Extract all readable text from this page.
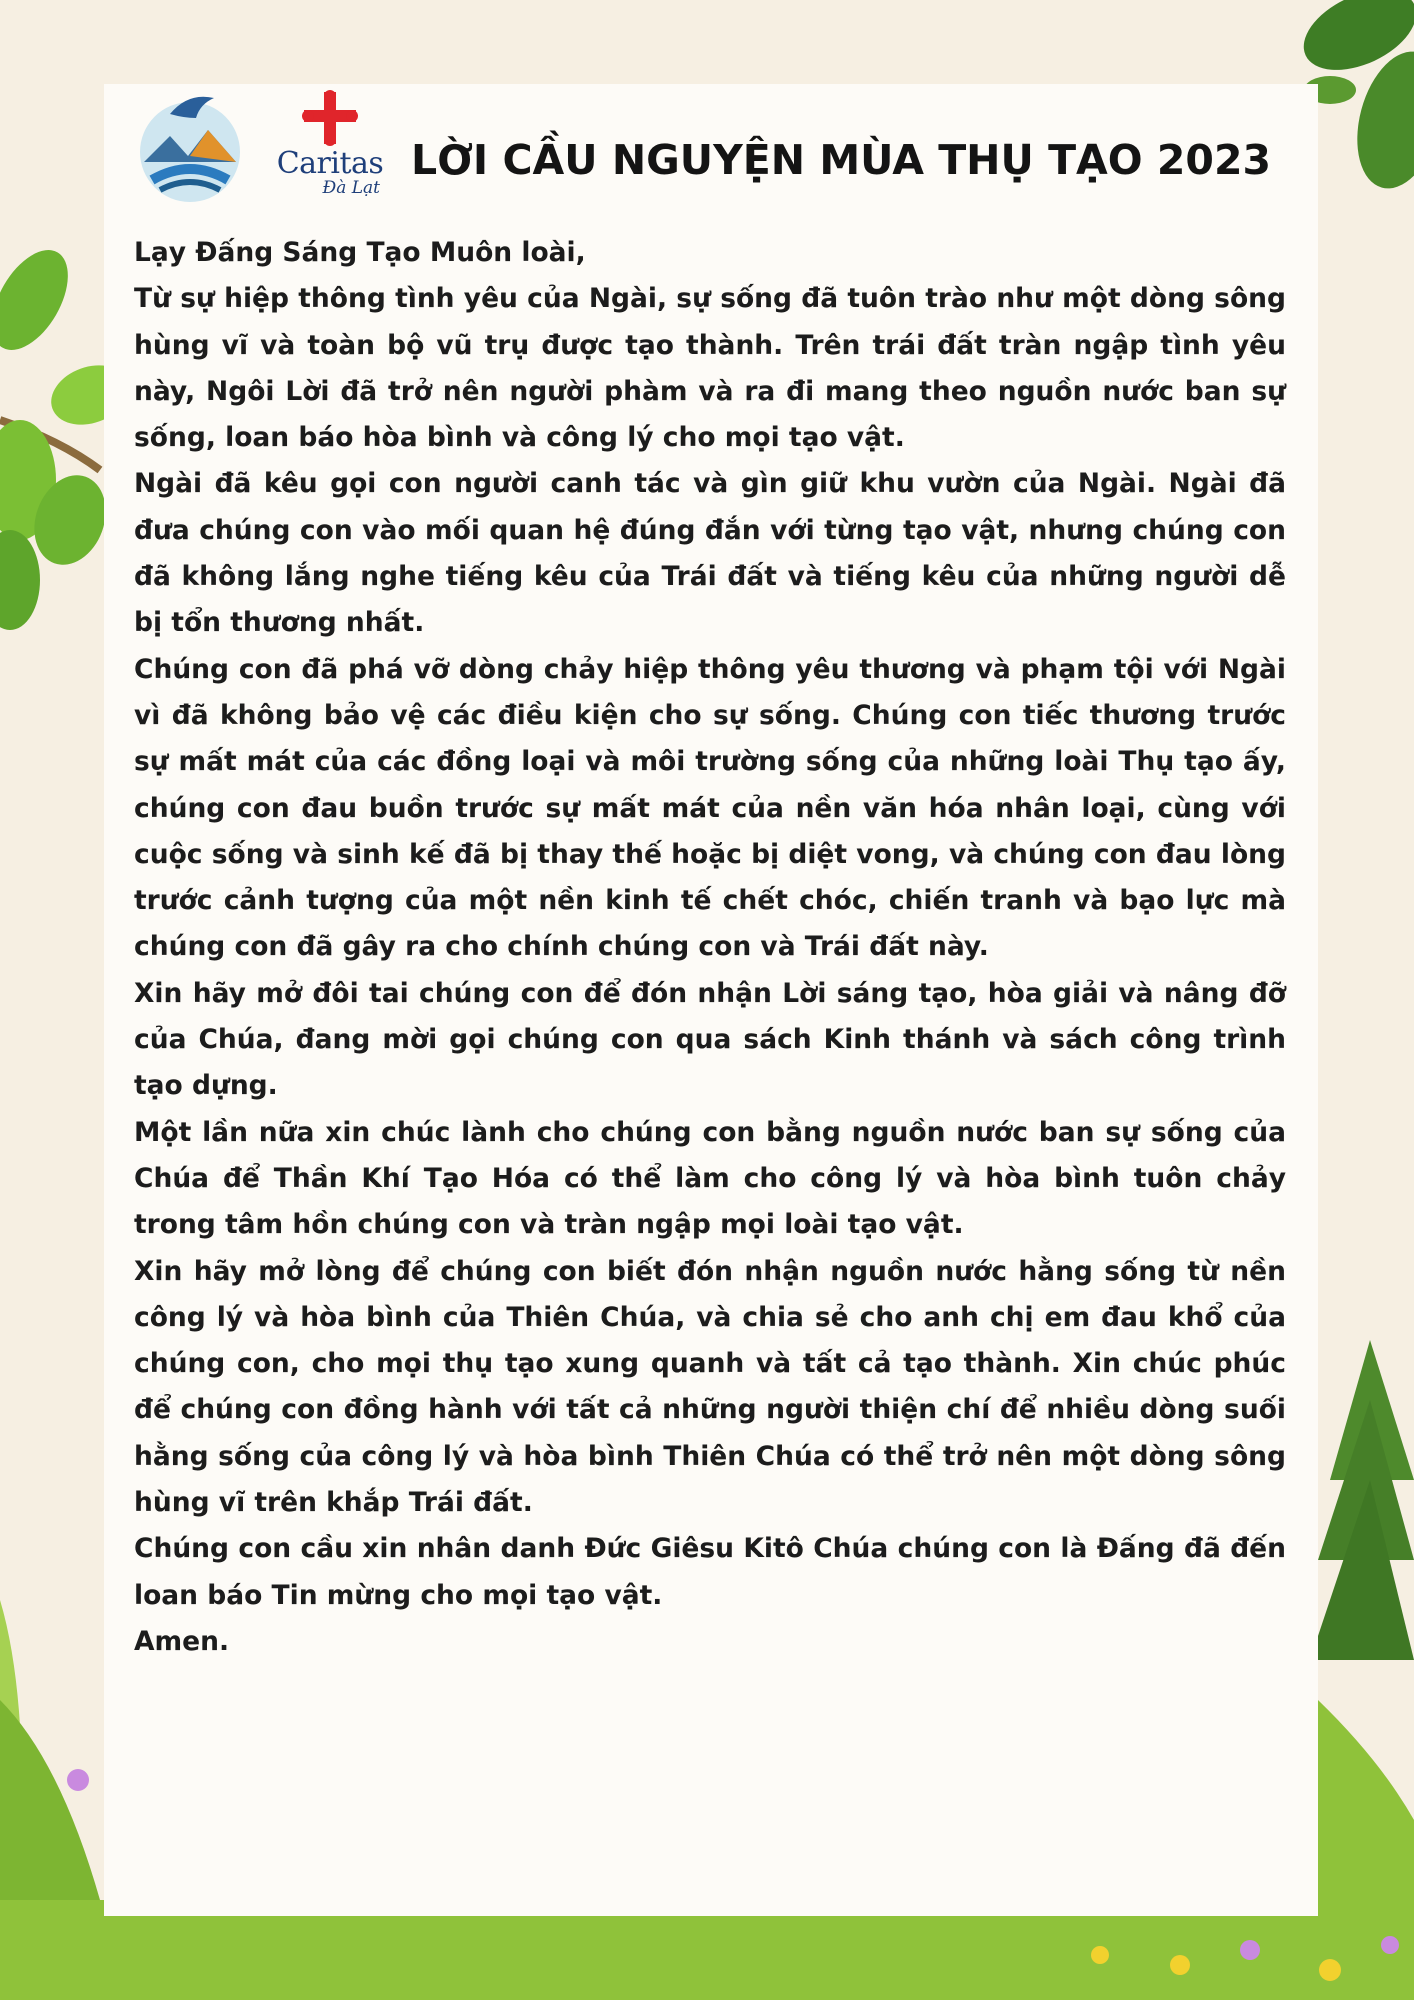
Caritas
Đà Lạt
LỜI CẦU NGUYỆN MÙA THỤ TẠO 2023

Lạy Đấng Sáng Tạo Muôn loài,

Từ sự hiệp thông tình yêu của Ngài, sự sống đã tuôn trào như một dòng sông hùng vĩ và toàn bộ vũ trụ được tạo thành. Trên trái đất tràn ngập tình yêu này, Ngôi Lời đã trở nên người phàm và ra đi mang theo nguồn nước ban sự sống, loan báo hòa bình và công lý cho mọi tạo vật.

Ngài đã kêu gọi con người canh tác và gìn giữ khu vườn của Ngài. Ngài đã đưa chúng con vào mối quan hệ đúng đắn với từng tạo vật, nhưng chúng con đã không lắng nghe tiếng kêu của Trái đất và tiếng kêu của những người dễ bị tổn thương nhất.

Chúng con đã phá vỡ dòng chảy hiệp thông yêu thương và phạm tội với Ngài vì đã không bảo vệ các điều kiện cho sự sống. Chúng con tiếc thương trước sự mất mát của các đồng loại và môi trường sống của những loài Thụ tạo ấy, chúng con đau buồn trước sự mất mát của nền văn hóa nhân loại, cùng với cuộc sống và sinh kế đã bị thay thế hoặc bị diệt vong, và chúng con đau lòng trước cảnh tượng của một nền kinh tế chết chóc, chiến tranh và bạo lực mà chúng con đã gây ra cho chính chúng con và Trái đất này.

Xin hãy mở đôi tai chúng con để đón nhận Lời sáng tạo, hòa giải và nâng đỡ của Chúa, đang mời gọi chúng con qua sách Kinh thánh và sách công trình tạo dựng.

Một lần nữa xin chúc lành cho chúng con bằng nguồn nước ban sự sống của Chúa để Thần Khí Tạo Hóa có thể làm cho công lý và hòa bình tuôn chảy trong tâm hồn chúng con và tràn ngập mọi loài tạo vật.

Xin hãy mở lòng để chúng con biết đón nhận nguồn nước hằng sống từ nền công lý và hòa bình của Thiên Chúa, và chia sẻ cho anh chị em đau khổ của chúng con, cho mọi thụ tạo xung quanh và tất cả tạo thành. Xin chúc phúc để chúng con đồng hành với tất cả những người thiện chí để nhiều dòng suối hằng sống của công lý và hòa bình Thiên Chúa có thể trở nên một dòng sông hùng vĩ trên khắp Trái đất.

Chúng con cầu xin nhân danh Đức Giêsu Kitô Chúa chúng con là Đấng đã đến loan báo Tin mừng cho mọi tạo vật.

Amen.
